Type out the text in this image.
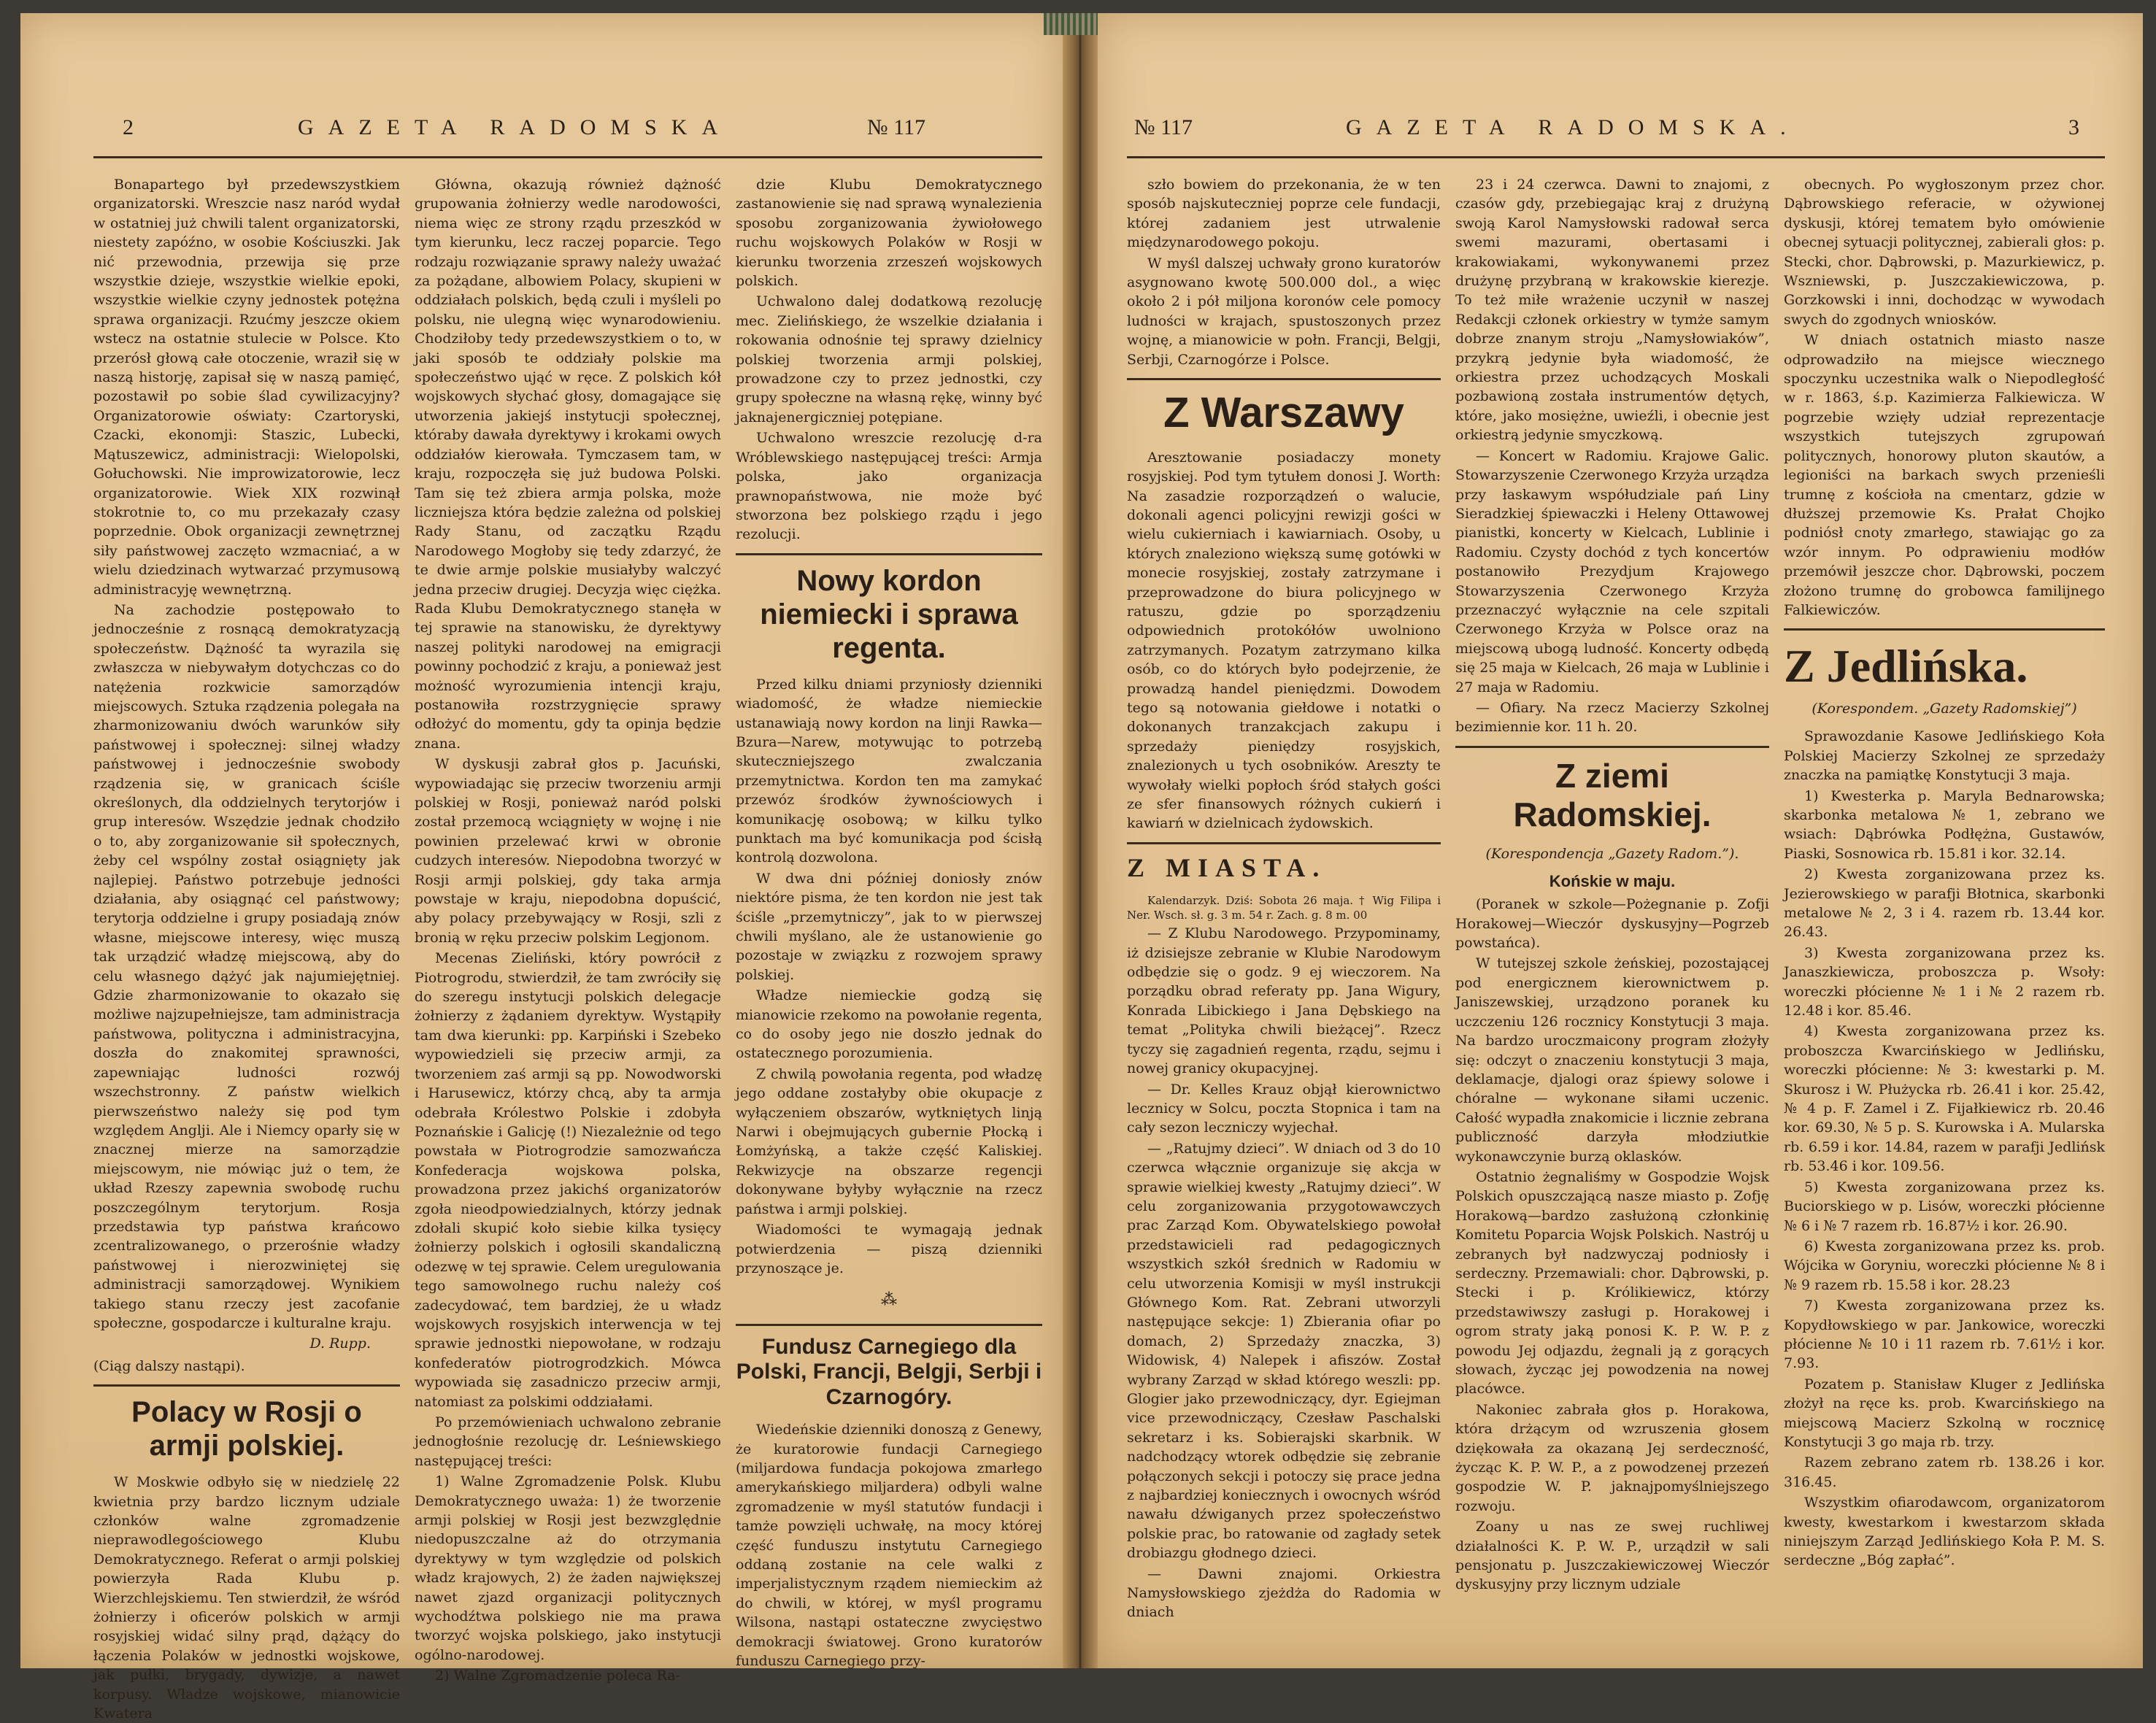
2	GAZETA RADOMSKA	№ 117

Bonapartego był przedewszystkiem organizatorski. Wreszcie nasz naród wydał w ostatniej już chwili talent organizatorski, niestety zapóźno, w osobie Kościuszki. Jak nić przewodnia, przewija się prze wszystkie dzieje, wszystkie wielkie epoki, wszystkie wielkie czyny jednostek potężna sprawa organizacji. Rzućmy jeszcze okiem wstecz na ostatnie stulecie w Polsce. Kto przerósł głową całe otoczenie, wraził się w naszą historję, zapisał się w naszą pamięć, pozostawił po sobie ślad cywilizacyjny? Organizatorowie oświaty: Czartoryski, Czacki, ekonomji: Staszic, Lubecki, Mątuszewicz, administracji: Wielopolski, Gołuchowski. Nie improwizatorowie, lecz organizatorowie. Wiek XIX rozwinął stokrotnie to, co mu przekazały czasy poprzednie. Obok organizacji zewnętrznej siły państwowej zaczęto wzmacniać, a w wielu dziedzinach wytwarzać przymusową administracyję wewnętrzną.

Na zachodzie postępowało to jednocześnie z rosnącą demokratyzacją społeczeństw. Dążność ta wyrazila się zwłaszcza w niebywałym dotychczas co do natężenia rozkwicie samorządów miejscowych. Sztuka rządzenia polegała na zharmonizowaniu dwóch warunków siły państwowej i społecznej: silnej władzy państwowej i jednocześnie swobody rządzenia się, w granicach ściśle określonych, dla oddzielnych terytorjów i grup interesów. Wszędzie jednak chodziło o to, aby zorganizowanie sił społecznych, żeby cel wspólny został osiągnięty jak najlepiej. Państwo potrzebuje jedności działania, aby osiągnąć cel państwowy; terytorja oddzielne i grupy posiadają znów własne, miejscowe interesy, więc muszą tak urządzić władzę miejscową, aby do celu własnego dążyć jak najumiejętniej. Gdzie zharmonizowanie to okazało się możliwe najzupełniejsze, tam administracja państwowa, polityczna i administracyjna, doszła do znakomitej sprawności, zapewniając ludności rozwój wszechstronny. Z państw wielkich pierwszeństwo należy się pod tym względem Anglji. Ale i Niemcy oparły się w znacznej mierze na samorządzie miejscowym, nie mówiąc już o tem, że układ Rzeszy zapewnia swobodę ruchu poszczególnym terytorjum. Rosja przedstawia typ państwa krańcowo zcentralizowanego, o przerośnie władzy państwowej i nierozwiniętej się administracji samorządowej. Wynikiem takiego stanu rzeczy jest zacofanie społeczne, gospodarcze i kulturalne kraju.

D. Rupp.

(Ciąg dalszy nastąpi).

Polacy w Rosji o armji polskiej.

W Moskwie odbyło się w niedzielę 22 kwietnia przy bardzo licznym udziale członków walne zgromadzenie nieprawodlegościowego Klubu Demokratycznego. Referat o armji polskiej powierzyła Rada Klubu p. Wierzchlejskiemu. Ten stwierdził, że wśród żołnierzy i oficerów polskich w armji rosyjskiej widać silny prąd, dążący do łączenia Polaków w jednostki wojskowe, jak pułki, brygady, dywizje, a nawet korpusy. Władze wojskowe, mianowicie Kwatera

Główna, okazują również dążność grupowania żołnierzy wedle narodowości, niema więc ze strony rządu przeszkód w tym kierunku, lecz raczej poparcie. Tego rodzaju rozwiązanie sprawy należy uważać za pożądane, albowiem Polacy, skupieni w oddziałach polskich, będą czuli i myśleli po polsku, nie ulegną więc wynarodowieniu. Chodziłoby tedy przedewszystkiem o to, w jaki sposób te oddziały polskie ma społeczeństwo ująć w ręce. Z polskich kół wojskowych słychać głosy, domagające się utworzenia jakiejś instytucji społecznej, któraby dawała dyrektywy i krokami owych oddziałów kierowała. Tymczasem tam, w kraju, rozpoczęła się już budowa Polski. Tam się też zbiera armja polska, może liczniejsza która będzie zależna od polskiej Rady Stanu, od zaczątku Rządu Narodowego Mogłoby się tedy zdarzyć, że te dwie armje polskie musiałyby walczyć jedna przeciw drugiej. Decyzja więc ciężka. Rada Klubu Demokratycznego stanęła w tej sprawie na stanowisku, że dyrektywy naszej polityki narodowej na emigracji powinny pochodzić z kraju, a ponieważ jest możność wyrozumienia intencji kraju, postanowiła rozstrzygnięcie sprawy odłożyć do momentu, gdy ta opinja będzie znana.

W dyskusji zabrał głos p. Jacuński, wypowiadając się przeciw tworzeniu armji polskiej w Rosji, ponieważ naród polski został przemocą wciągnięty w wojnę i nie powinien przelewać krwi w obronie cudzych interesów. Niepodobna tworzyć w Rosji armji polskiej, gdy taka armja powstaje w kraju, niepodobna dopuścić, aby polacy przebywający w Rosji, szli z bronią w ręku przeciw polskim Legjonom.

Mecenas Zieliński, który powrócił z Piotrogrodu, stwierdził, że tam zwróciły się do szeregu instytucji polskich delegacje żołnierzy z żądaniem dyrektyw. Wystąpiły tam dwa kierunki: pp. Karpiński i Szebeko wypowiedzieli się przeciw armji, za tworzeniem zaś armji są pp. Nowodworski i Harusewicz, którzy chcą, aby ta armja odebrała Królestwo Polskie i zdobyła Poznańskie i Galicję (!) Niezależnie od tego powstała w Piotrogrodzie samozwańcza Konfederacja wojskowa polska, prowadzona przez jakichś organizatorów zgoła nieodpowiedzialnych, którzy jednak zdołali skupić koło siebie kilka tysięcy żołnierzy polskich i ogłosili skandaliczną odezwę w tej sprawie. Celem uregulowania tego samowolnego ruchu należy coś zadecydować, tem bardziej, że u władz wojskowych rosyjskich interwencja w tej sprawie jednostki niepowołane, w rodzaju konfederatów piotrogrodzkich. Mówca wypowiada się zasadniczo przeciw armji, natomiast za polskimi oddziałami.

Po przemówieniach uchwalono zebranie jednogłośnie rezolucję dr. Leśniewskiego następującej treści:

1) Walne Zgromadzenie Polsk. Klubu Demokratycznego uważa: 1) że tworzenie armji polskiej w Rosji jest bezwzględnie niedopuszczalne aż do otrzymania dyrektywy w tym względzie od polskich władz krajowych, 2) że żaden największej nawet zjazd organizacji politycznych wychodźtwa polskiego nie ma prawa tworzyć wojska polskiego, jako instytucji ogólno-narodowej.

2) Walne Zgromadzenie poleca Ra-

dzie Klubu Demokratycznego zastanowienie się nad sprawą wynalezienia sposobu zorganizowania żywiołowego ruchu wojskowych Polaków w Rosji w kierunku tworzenia zrzeszeń wojskowych polskich.

Uchwalono dalej dodatkową rezolucję mec. Zielińskiego, że wszelkie działania i rokowania odnośnie tej sprawy dzielnicy polskiej tworzenia armji polskiej, prowadzone czy to przez jednostki, czy grupy społeczne na własną rękę, winny być jaknajenergiczniej potępiane.

Uchwalono wreszcie rezolucję d-ra Wróblewskiego następującej treści: Armja polska, jako organizacja prawnopaństwowa, nie może być stworzona bez polskiego rządu i jego rezolucji.

Nowy kordon niemiecki i sprawa regenta.

Przed kilku dniami przyniosły dzienniki wiadomość, że władze niemieckie ustanawiają nowy kordon na linji Rawka—Bzura—Narew, motywując to potrzebą skuteczniejszego zwalczania przemytnictwa. Kordon ten ma zamykać przewóz środków żywnościowych i komunikację osobową; w kilku tylko punktach ma być komunikacja pod ścisłą kontrolą dozwolona.

W dwa dni później doniosły znów niektóre pisma, że ten kordon nie jest tak ściśle „przemytniczy”, jak to w pierwszej chwili myślano, ale że ustanowienie go pozostaje w związku z rozwojem sprawy polskiej.

Władze niemieckie godzą się mianowicie rzekomo na powołanie regenta, co do osoby jego nie doszło jednak do ostatecznego porozumienia.

Z chwilą powołania regenta, pod władzę jego oddane zostałyby obie okupacje z wyłączeniem obszarów, wytkniętych linją Narwi i obejmujących gubernie Płocką i Łomżyńską, a także część Kaliskiej. Rekwizycje na obszarze regencji dokonywane byłyby wyłącznie na rzecz państwa i armji polskiej.

Wiadomości te wymagają jednak potwierdzenia — piszą dzienniki przynoszące je.

⁂
Fundusz Carnegiego dla Polski, Francji, Belgji, Serbji i Czarnogóry.

Wiedeńskie dzienniki donoszą z Genewy, że kuratorowie fundacji Carnegiego (miljardowa fundacja pokojowa zmarłego amerykańskiego miljardera) odbyli walne zgromadzenie w myśl statutów fundacji i tamże powzięli uchwałę, na mocy której część funduszu instytutu Carnegiego oddaną zostanie na cele walki z imperjalistycznym rządem niemieckim aż do chwili, w której, w myśl programu Wilsona, nastąpi ostateczne zwycięstwo demokracji światowej. Grono kuratorów funduszu Carnegiego przy-

№ 117	GAZETA RADOMSKA.	3

szło bowiem do przekonania, że w ten sposób najskuteczniej poprze cele fundacji, której zadaniem jest utrwalenie międzynarodowego pokoju.

W myśl dalszej uchwały grono kuratorów asygnowano kwotę 500.000 dol., a więc około 2 i pół miljona koronów cele pomocy ludności w krajach, spustoszonych przez wojnę, a mianowicie w połn. Francji, Belgji, Serbji, Czarnogórze i Polsce.

Z Warszawy

Aresztowanie posiadaczy monety rosyjskiej. Pod tym tytułem donosi J. Worth: Na zasadzie rozporządzeń o walucie, dokonali agenci policyjni rewizji gości w wielu cukierniach i kawiarniach. Osoby, u których znaleziono większą sumę gotówki w monecie rosyjskiej, zostały zatrzymane i przeprowadzone do biura policyjnego w ratuszu, gdzie po sporządzeniu odpowiednich protokółów uwolniono zatrzymanych. Pozatym zatrzymano kilka osób, co do których było podejrzenie, że prowadzą handel pieniędzmi. Dowodem tego są notowania giełdowe i notatki o dokonanych tranzakcjach zakupu i sprzedaży pieniędzy rosyjskich, znalezionych u tych osobników. Areszty te wywołały wielki popłoch śród stałych gości ze sfer finansowych różnych cukierń i kawiarń w dzielnicach żydowskich.

Z MIASTA.

Kalendarzyk. Dziś: Sobota 26 maja. † Wig Filipa i Ner. Wsch. sł. g. 3 m. 54 r. Zach. g. 8 m. 00

— Z Klubu Narodowego. Przypominamy, iż dzisiejsze zebranie w Klubie Narodowym odbędzie się o godz. 9 ej wieczorem. Na porządku obrad referaty pp. Jana Wigury, Konrada Libickiego i Jana Dębskiego na temat „Polityka chwili bieżącej”. Rzecz tyczy się zagadnień regenta, rządu, sejmu i nowej granicy okupacyjnej.

— Dr. Kelles Krauz objął kierownictwo lecznicy w Solcu, poczta Stopnica i tam na cały sezon leczniczy wyjechał.

— „Ratujmy dzieci”. W dniach od 3 do 10 czerwca włącznie organizuje się akcja w sprawie wielkiej kwesty „Ratujmy dzieci”. W celu zorganizowania przygotowawczych prac Zarząd Kom. Obywatelskiego powołał przedstawicieli rad pedagogicznych wszystkich szkół średnich w Radomiu w celu utworzenia Komisji w myśl instrukcji Głównego Kom. Rat. Zebrani utworzyli następujące sekcje: 1) Zbierania ofiar po domach, 2) Sprzedaży znaczka, 3) Widowisk, 4) Nalepek i afiszów. Został wybrany Zarząd w skład którego weszli: pp. Glogier jako przewodniczący, dyr. Egiejman vice przewodniczący, Czesław Paschalski sekretarz i ks. Sobierajski skarbnik. W nadchodzący wtorek odbędzie się zebranie połączonych sekcji i potoczy się prace jedna z najbardziej koniecznych i owocnych wśród nawału dźwiganych przez społeczeństwo polskie prac, bo ratowanie od zagłady setek drobiazgu głodnego dzieci.

— Dawni znajomi. Orkiestra Namysłowskiego zjeżdża do Radomia w dniach

23 i 24 czerwca. Dawni to znajomi, z czasów gdy, przebiegając kraj z drużyną swoją Karol Namysłowski radował serca swemi mazurami, obertasami i krakowiakami, wykonywanemi przez drużynę przybraną w krakowskie kierezje. To też miłe wrażenie uczynił w naszej Redakcji członek orkiestry w tymże samym dobrze znanym stroju „Namysłowiaków”, przykrą jedynie była wiadomość, że orkiestra przez uchodzących Moskali pozbawioną została instrumentów dętych, które, jako mosiężne, uwieźli, i obecnie jest orkiestrą jedynie smyczkową.

— Koncert w Radomiu. Krajowe Galic. Stowarzyszenie Czerwonego Krzyża urządza przy łaskawym współudziale pań Liny Sieradzkiej śpiewaczki i Heleny Ottawowej pianistki, koncerty w Kielcach, Lublinie i Radomiu. Czysty dochód z tych koncertów postanowiło Prezydjum Krajowego Stowarzyszenia Czerwonego Krzyża przeznaczyć wyłącznie na cele szpitali Czerwonego Krzyża w Polsce oraz na miejscową ubogą ludność. Koncerty odbędą się 25 maja w Kielcach, 26 maja w Lublinie i 27 maja w Radomiu.

— Ofiary. Na rzecz Macierzy Szkolnej bezimiennie kor. 11 h. 20.

Z ziemi Radomskiej.
(Korespondencja „Gazety Radom.”).
Końskie w maju.

(Poranek w szkole—Pożegnanie p. Zofji Horakowej—Wieczór dyskusyjny—Pogrzeb powstańca).

W tutejszej szkole żeńskiej, pozostającej pod energicznem kierownictwem p. Janiszewskiej, urządzono poranek ku uczczeniu 126 rocznicy Konstytucji 3 maja. Na bardzo uroczmaicony program złożyły się: odczyt o znaczeniu konstytucji 3 maja, deklamacje, djalogi oraz śpiewy solowe i chóralne — wykonane siłami uczenic. Całość wypadła znakomicie i licznie zebrana publiczność darzyła młodziutkie wykonawczynie burzą oklasków.

Ostatnio żegnaliśmy w Gospodzie Wojsk Polskich opuszczającą nasze miasto p. Zofję Horakową—bardzo zasłużoną członkinię Komitetu Poparcia Wojsk Polskich. Nastrój u zebranych był nadzwyczaj podniosły i serdeczny. Przemawiali: chor. Dąbrowski, p. Stecki i p. Królikiewicz, którzy przedstawiwszy zasługi p. Horakowej i ogrom straty jaką ponosi K. P. W. P. z powodu Jej odjazdu, żegnali ją z gorących słowach, życząc jej powodzenia na nowej placówce.

Nakoniec zabrała głos p. Horakowa, która drżącym od wzruszenia głosem dziękowała za okazaną Jej serdeczność, życząc K. P. W. P., a z powodzenej przezeń gospodzie W. P. jaknajpomyślniejszego rozwoju.

Zoany u nas ze swej ruchliwej działalności K. P. W. P., urządził w sali pensjonatu p. Juszczakiewiczowej Wieczór dyskusyjny przy licznym udziale

obecnych. Po wygłoszonym przez chor. Dąbrowskiego referacie, w ożywionej dyskusji, której tematem było omówienie obecnej sytuacji politycznej, zabierali głos: p. Stecki, chor. Dąbrowski, p. Mazurkiewicz, p. Wszniewski, p. Juszczakiewiczowa, p. Gorzkowski i inni, dochodząc w wywodach swych do zgodnych wniosków.

W dniach ostatnich miasto nasze odprowadziło na miejsce wiecznego spoczynku uczestnika walk o Niepodległość w r. 1863, ś.p. Kazimierza Falkiewicza. W pogrzebie wzięły udział reprezentacje wszystkich tutejszych zgrupowań politycznych, honorowy pluton skautów, a legioniści na barkach swych przenieśli trumnę z kościoła na cmentarz, gdzie w dłuższej przemowie Ks. Prałat Chojko podniósł cnoty zmarłego, stawiając go za wzór innym. Po odprawieniu modłów przemówił jeszcze chor. Dąbrowski, poczem złożono trumnę do grobowca familijnego Falkiewiczów.

Z Jedlińska.
(Korespondem. „Gazety Radomskiej”)

Sprawozdanie Kasowe Jedlińskiego Koła Polskiej Macierzy Szkolnej ze sprzedaży znaczka na pamiątkę Konstytucji 3 maja.

1) Kwesterka p. Maryla Bednarowska; skarbonka metalowa № 1, zebrano we wsiach: Dąbrówka Podłężna, Gustawów, Piaski, Sosnowica rb. 15.81 i kor. 32.14.

2) Kwesta zorganizowana przez ks. Jezierowskiego w parafji Błotnica, skarbonki metalowe № 2, 3 i 4. razem rb. 13.44 kor. 26.43.

3) Kwesta zorganizowana przez ks. Janaszkiewicza, proboszcza p. Wsoły: woreczki płócienne № 1 i № 2 razem rb. 12.48 i kor. 85.46.

4) Kwesta zorganizowana przez ks. proboszcza Kwarcińskiego w Jedlińsku, woreczki płócienne: № 3: kwestarki p. M. Skurosz i W. Płużycka rb. 26.41 i kor. 25.42, № 4 p. F. Zamel i Z. Fijałkiewicz rb. 20.46 kor. 69.30, № 5 p. S. Kurowska i A. Mularska rb. 6.59 i kor. 14.84, razem w parafji Jedlińsk rb. 53.46 i kor. 109.56.

5) Kwesta zorganizowana przez ks. Buciorskiego w p. Lisów, woreczki płócienne № 6 i № 7 razem rb. 16.87½ i kor. 26.90.

6) Kwesta zorganizowana przez ks. prob. Wójcika w Goryniu, woreczki płócienne № 8 i № 9 razem rb. 15.58 i kor. 28.23

7) Kwesta zorganizowana przez ks. Kopydłowskiego w par. Jankowice, woreczki płócienne № 10 i 11 razem rb. 7.61½ i kor. 7.93.

Pozatem p. Stanisław Kluger z Jedlińska złożył na ręce ks. prob. Kwarcińskiego na miejscową Macierz Szkolną w rocznicę Konstytucji 3 go maja rb. trzy.

Razem zebrano zatem rb. 138.26 i kor. 316.45.

Wszystkim ofiarodawcom, organizatorom kwesty, kwestarkom i kwestarzom składa niniejszym Zarząd Jedlińskiego Koła P. M. S. serdeczne „Bóg zapłać”.
